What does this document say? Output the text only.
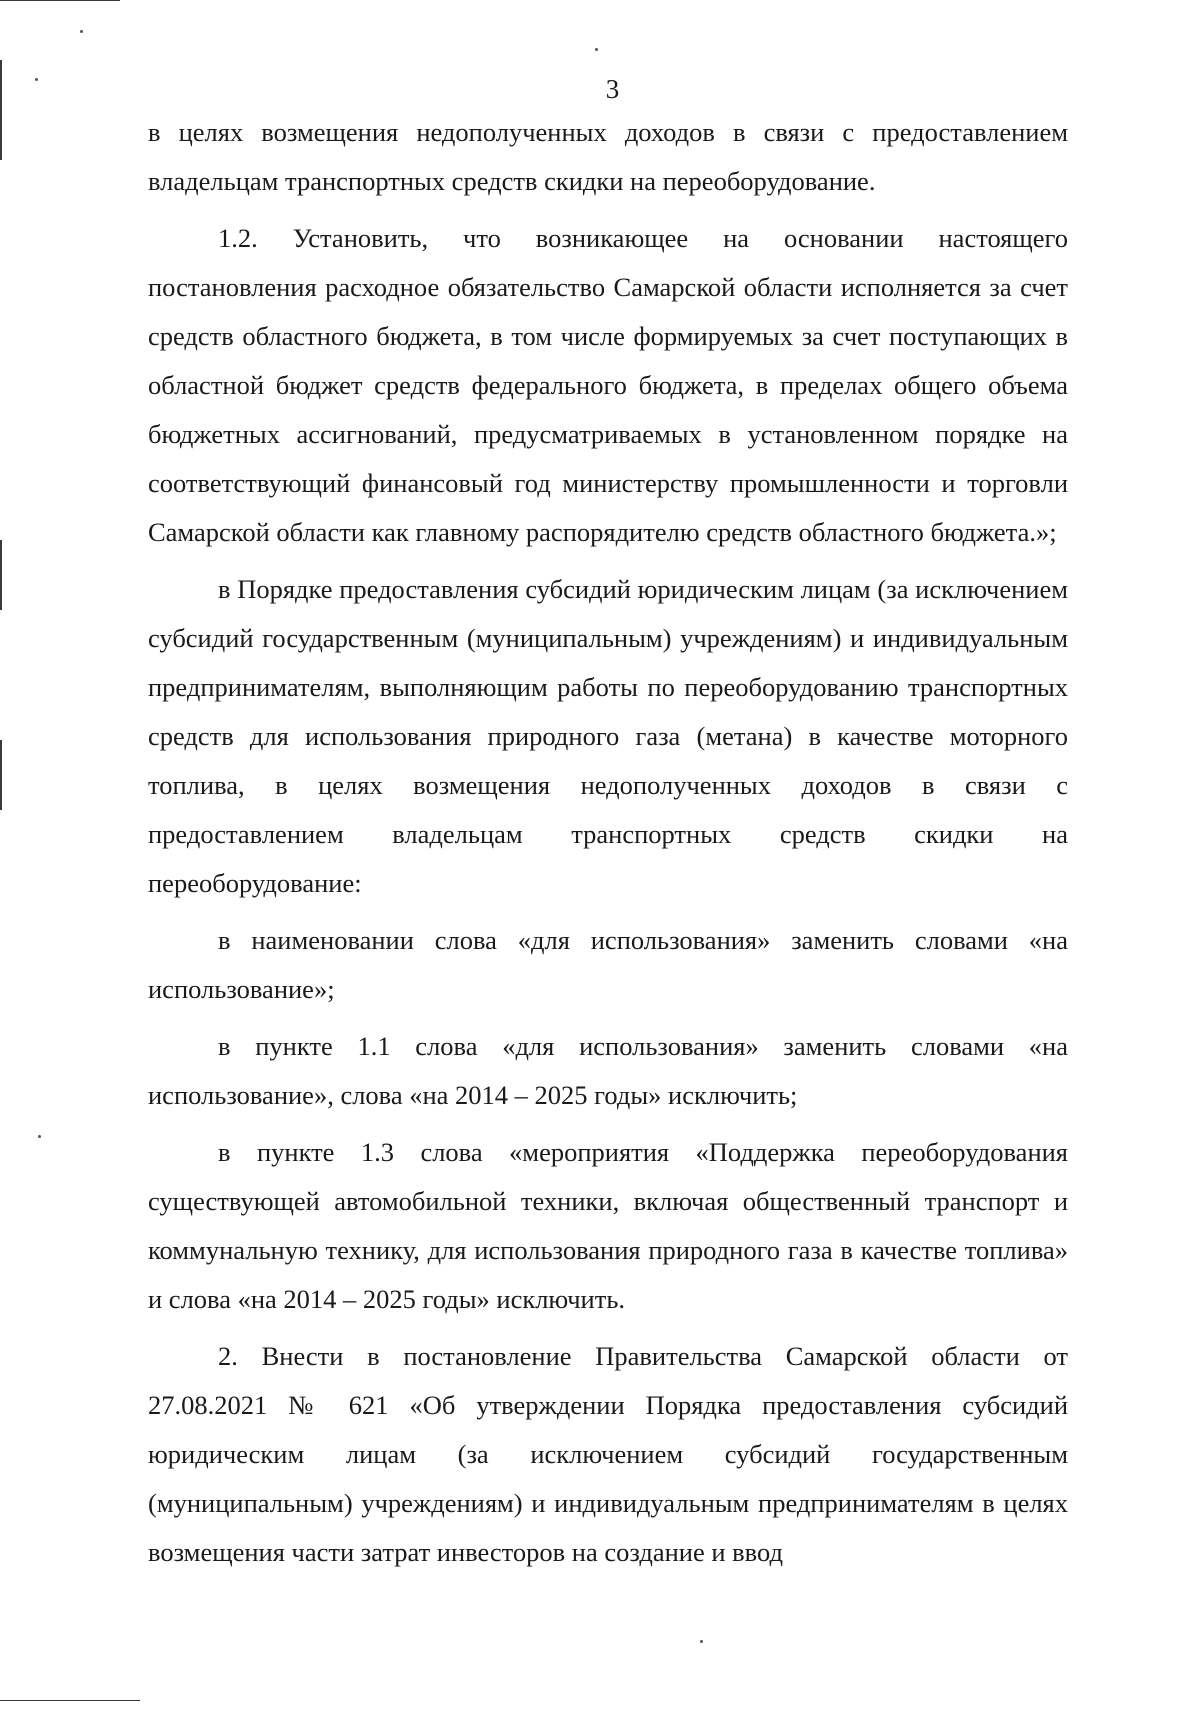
3

в целях возмещения недополученных доходов в связи с предоставлением владельцам транспортных средств скидки на переоборудование.

1.2. Установить, что возникающее на основании настоящего постановления расходное обязательство Самарской области исполняется за счет средств областного бюджета, в том числе формируемых за счет поступающих в областной бюджет средств федерального бюджета, в пределах общего объема бюджетных ассигнований, предусматриваемых в установленном порядке на соответствующий финансовый год министерству промышленности и торговли Самарской области как главному распорядителю средств областного бюджета.»;

в Порядке предоставления субсидий юридическим лицам (за исключением субсидий государственным (муниципальным) учреждениям) и индивидуальным предпринимателям, выполняющим работы по переоборудованию транспортных средств для использования природного газа (метана) в качестве моторного топлива, в целях возмещения недополученных доходов в связи с предоставлением владельцам транспортных средств скидки на переоборудование:

в наименовании слова «для использования» заменить словами «на использование»;

в пункте 1.1 слова «для использования» заменить словами «на использование», слова «на 2014 – 2025 годы» исключить;

в пункте 1.3 слова «мероприятия «Поддержка переоборудования существующей автомобильной техники, включая общественный транспорт и коммунальную технику, для использования природного газа в качестве топлива» и слова «на 2014 – 2025 годы» исключить.

2. Внести в постановление Правительства Самарской области от 27.08.2021 № 621 «Об утверждении Порядка предоставления субсидий юридическим лицам (за исключением субсидий государственным (муниципальным) учреждениям) и индивидуальным предпринимателям в целях возмещения части затрат инвесторов на создание и ввод
